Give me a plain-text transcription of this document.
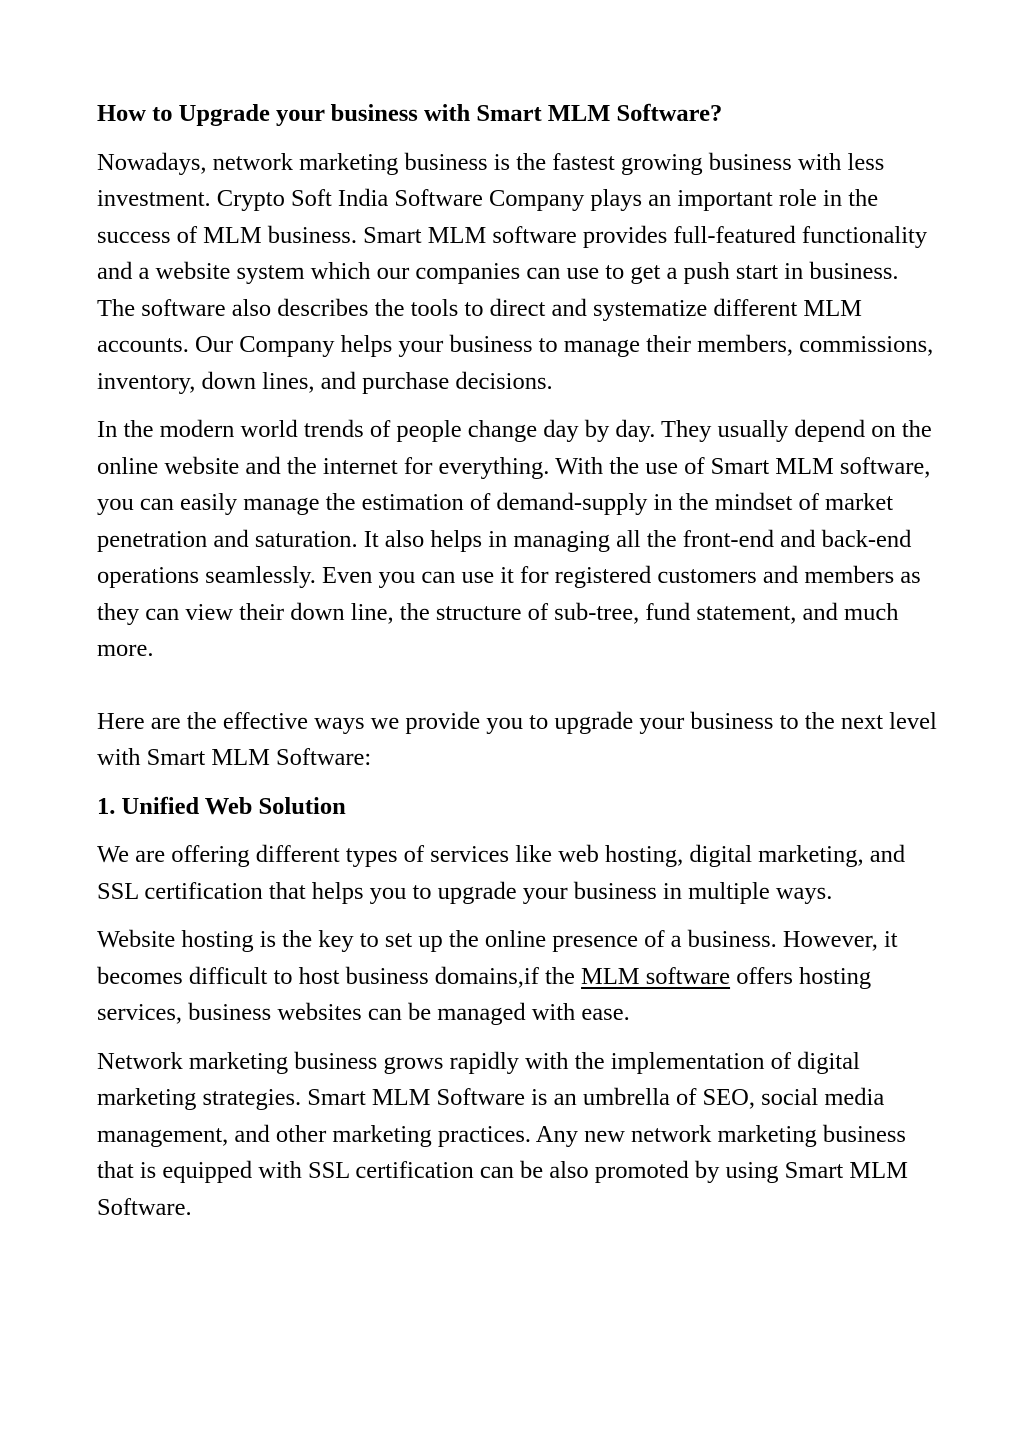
How to Upgrade your business with Smart MLM Software?

Nowadays, network marketing business is the fastest growing business with less investment. Crypto Soft India Software Company plays an important role in the success of MLM business. Smart MLM software provides full-featured functionality and a website system which our companies can use to get a push start in business. The software also describes the tools to direct and systematize different MLM accounts. Our Company helps your business to manage their members, commissions, inventory, down lines, and purchase decisions.

In the modern world trends of people change day by day. They usually depend on the online website and the internet for everything. With the use of Smart MLM software, you can easily manage the estimation of demand-supply in the mindset of market penetration and saturation. It also helps in managing all the front-end and back-end operations seamlessly. Even you can use it for registered customers and members as they can view their down line, the structure of sub-tree, fund statement, and much more.

Here are the effective ways we provide you to upgrade your business to the next level with Smart MLM Software:

1. Unified Web Solution

We are offering different types of services like web hosting, digital marketing, and SSL certification that helps you to upgrade your business in multiple ways.

Website hosting is the key to set up the online presence of a business. However, it becomes difficult to host business domains,if the MLM software offers hosting services, business websites can be managed with ease.

Network marketing business grows rapidly with the implementation of digital marketing strategies. Smart MLM Software is an umbrella of SEO, social media management, and other marketing practices. Any new network marketing business that is equipped with SSL certification can be also promoted by using Smart MLM Software.
